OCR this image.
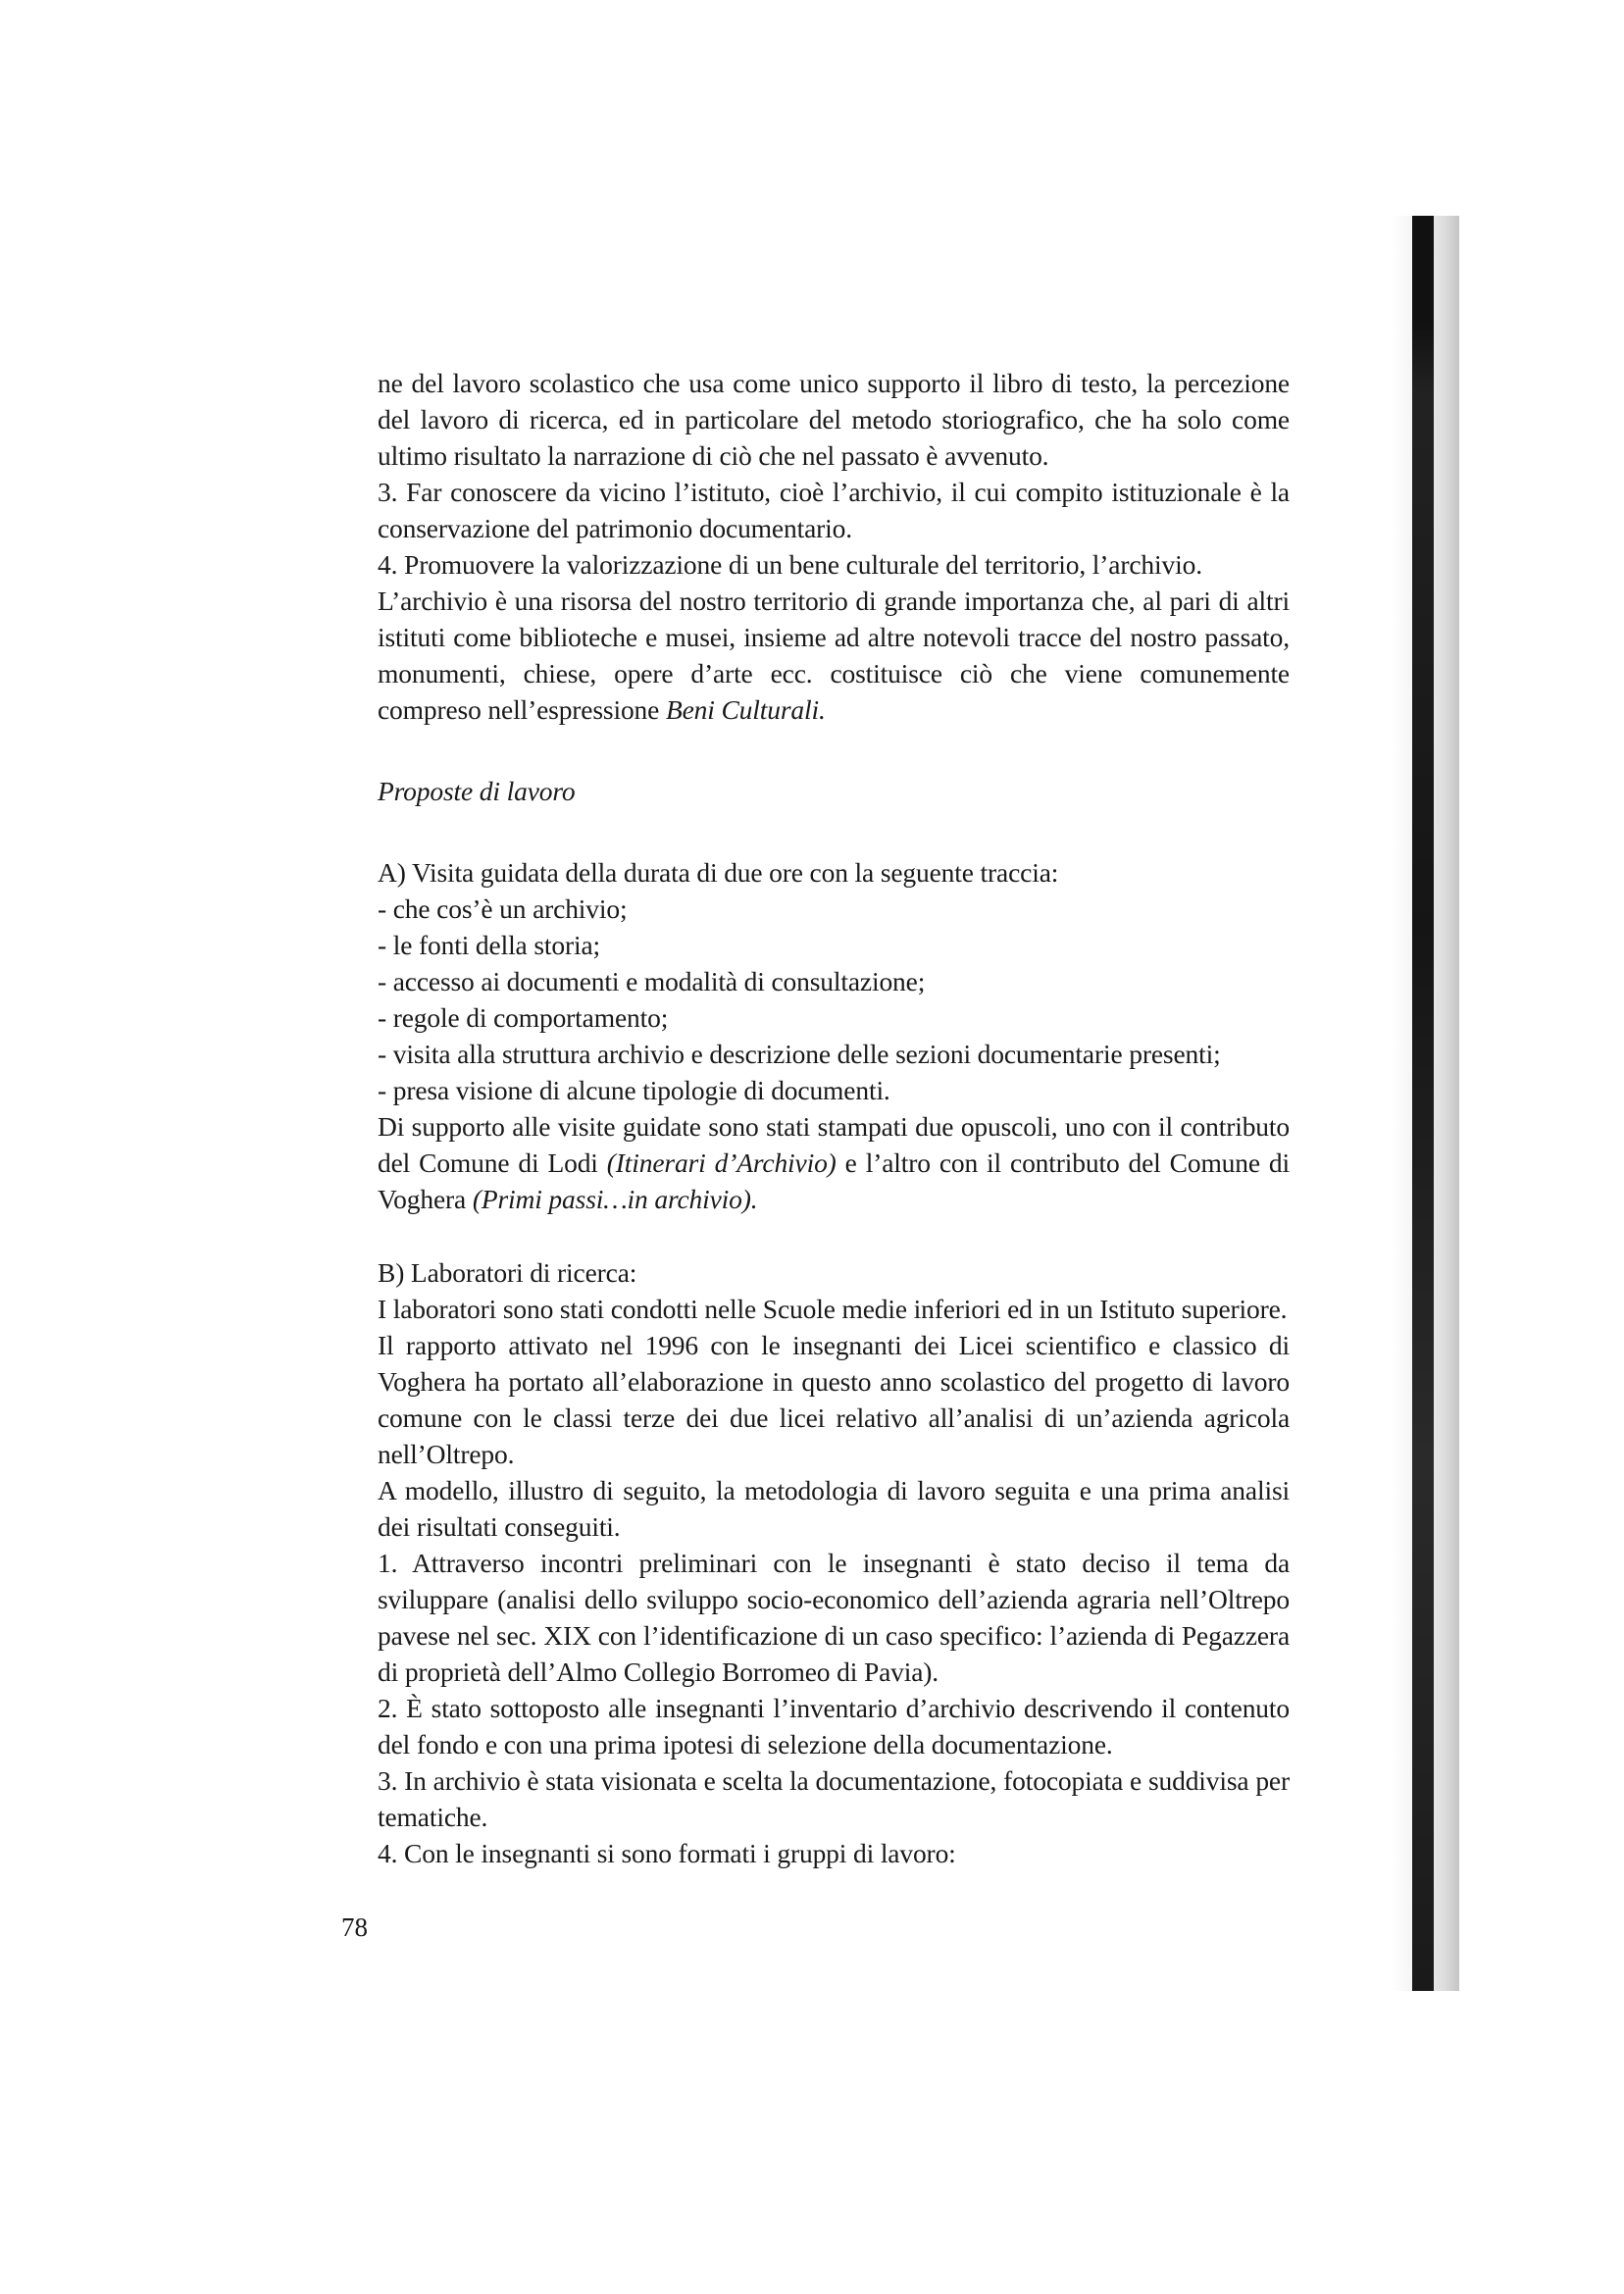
ne del lavoro scolastico che usa come unico supporto il libro di testo, la percezione del lavoro di ricerca, ed in particolare del metodo storiografico, che ha solo come ultimo risultato la narrazione di ciò che nel passato è avvenuto.

3. Far conoscere da vicino l’istituto, cioè l’archivio, il cui compito istituzionale è la conservazione del patrimonio documentario.

4. Promuovere la valorizzazione di un bene culturale del territorio, l’archivio.

L’archivio è una risorsa del nostro territorio di grande importanza che, al pari di altri istituti come biblioteche e musei, insieme ad altre notevoli tracce del nostro passato, monumenti, chiese, opere d’arte ecc. costituisce ciò che viene comunemente compreso nell’espressione Beni Culturali.

Proposte di lavoro

A) Visita guidata della durata di due ore con la seguente traccia:

- che cos’è un archivio;

- le fonti della storia;

- accesso ai documenti e modalità di consultazione;

- regole di comportamento;

- visita alla struttura archivio e descrizione delle sezioni documentarie presenti;

- presa visione di alcune tipologie di documenti.

Di supporto alle visite guidate sono stati stampati due opuscoli, uno con il contributo del Comune di Lodi (Itinerari d’Archivio) e l’altro con il contributo del Comune di Voghera (Primi passi…in archivio).

B) Laboratori di ricerca:

I laboratori sono stati condotti nelle Scuole medie inferiori ed in un Istituto superiore.

Il rapporto attivato nel 1996 con le insegnanti dei Licei scientifico e classico di Voghera ha portato all’elaborazione in questo anno scolastico del progetto di lavoro comune con le classi terze dei due licei relativo all’analisi di un’azienda agricola nell’Oltrepo.

A modello, illustro di seguito, la metodologia di lavoro seguita e una prima analisi dei risultati conseguiti.

1. Attraverso incontri preliminari con le insegnanti è stato deciso il tema da sviluppare (analisi dello sviluppo socio-economico dell’azienda agraria nell’Oltrepo pavese nel sec. XIX con l’identificazione di un caso specifico: l’azienda di Pegazzera di proprietà dell’Almo Collegio Borromeo di Pavia).

2. È stato sottoposto alle insegnanti l’inventario d’archivio descrivendo il contenuto del fondo e con una prima ipotesi di selezione della documentazione.

3. In archivio è stata visionata e scelta la documentazione, fotocopiata e suddivisa per tematiche.

4. Con le insegnanti si sono formati i gruppi di lavoro:

78
